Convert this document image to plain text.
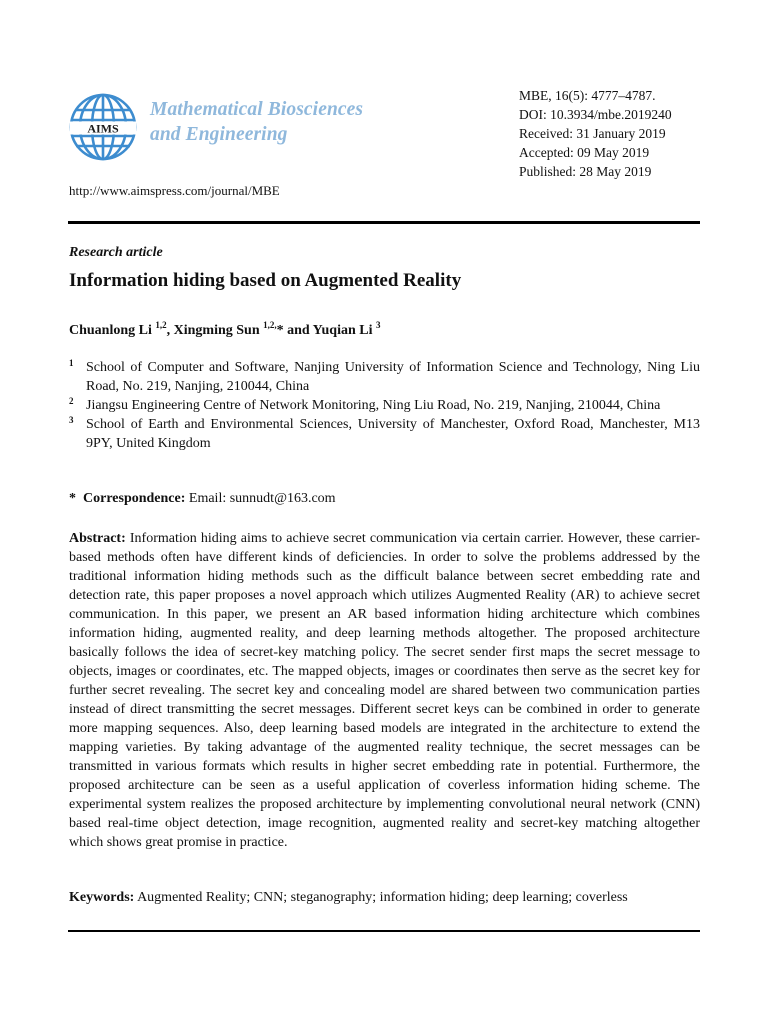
AIMS
Mathematical Biosciences
and Engineering
MBE, 16(5): 4777–4787.
DOI: 10.3934/mbe.2019240
Received: 31 January 2019
Accepted: 09 May 2019
Published: 28 May 2019
http://www.aimspress.com/journal/MBE
Research article
Information hiding based on Augmented Reality
Chuanlong Li $^{1,2}$, Xingming Sun $^{1,2,}$* and Yuqian Li $^3$
1 School of Computer and Software, Nanjing University of Information Science and Technology, Ning Liu Road, No. 219, Nanjing, 210044, China
2 Jiangsu Engineering Centre of Network Monitoring, Ning Liu Road, No. 219, Nanjing, 210044, China
3 School of Earth and Environmental Sciences, University of Manchester, Oxford Road, Manchester, M13 9PY, United Kingdom
* Correspondence: Email: sunnudt@163.com
Abstract: Information hiding aims to achieve secret communication via certain carrier. However, these carrier-based methods often have different kinds of deficiencies. In order to solve the problems addressed by the traditional information hiding methods such as the difficult balance between secret embedding rate and detection rate, this paper proposes a novel approach which utilizes Augmented Reality (AR) to achieve secret communication. In this paper, we present an AR based information hiding architecture which combines information hiding, augmented reality, and deep learning methods altogether. The proposed architecture basically follows the idea of secret-key matching policy. The secret sender first maps the secret message to objects, images or coordinates, etc. The mapped objects, images or coordinates then serve as the secret key for further secret revealing. The secret key and concealing model are shared between two communication parties instead of direct transmitting the secret messages. Different secret keys can be combined in order to generate more mapping sequences. Also, deep learning based models are integrated in the architecture to extend the mapping varieties. By taking advantage of the augmented reality technique, the secret messages can be transmitted in various formats which results in higher secret embedding rate in potential. Furthermore, the proposed architecture can be seen as a useful application of coverless information hiding scheme. The experimental system realizes the proposed architecture by implementing convolutional neural network (CNN) based real-time object detection, image recognition, augmented reality and secret-key matching altogether which shows great promise in practice.
Keywords: Augmented Reality; CNN; steganography; information hiding; deep learning; coverless
